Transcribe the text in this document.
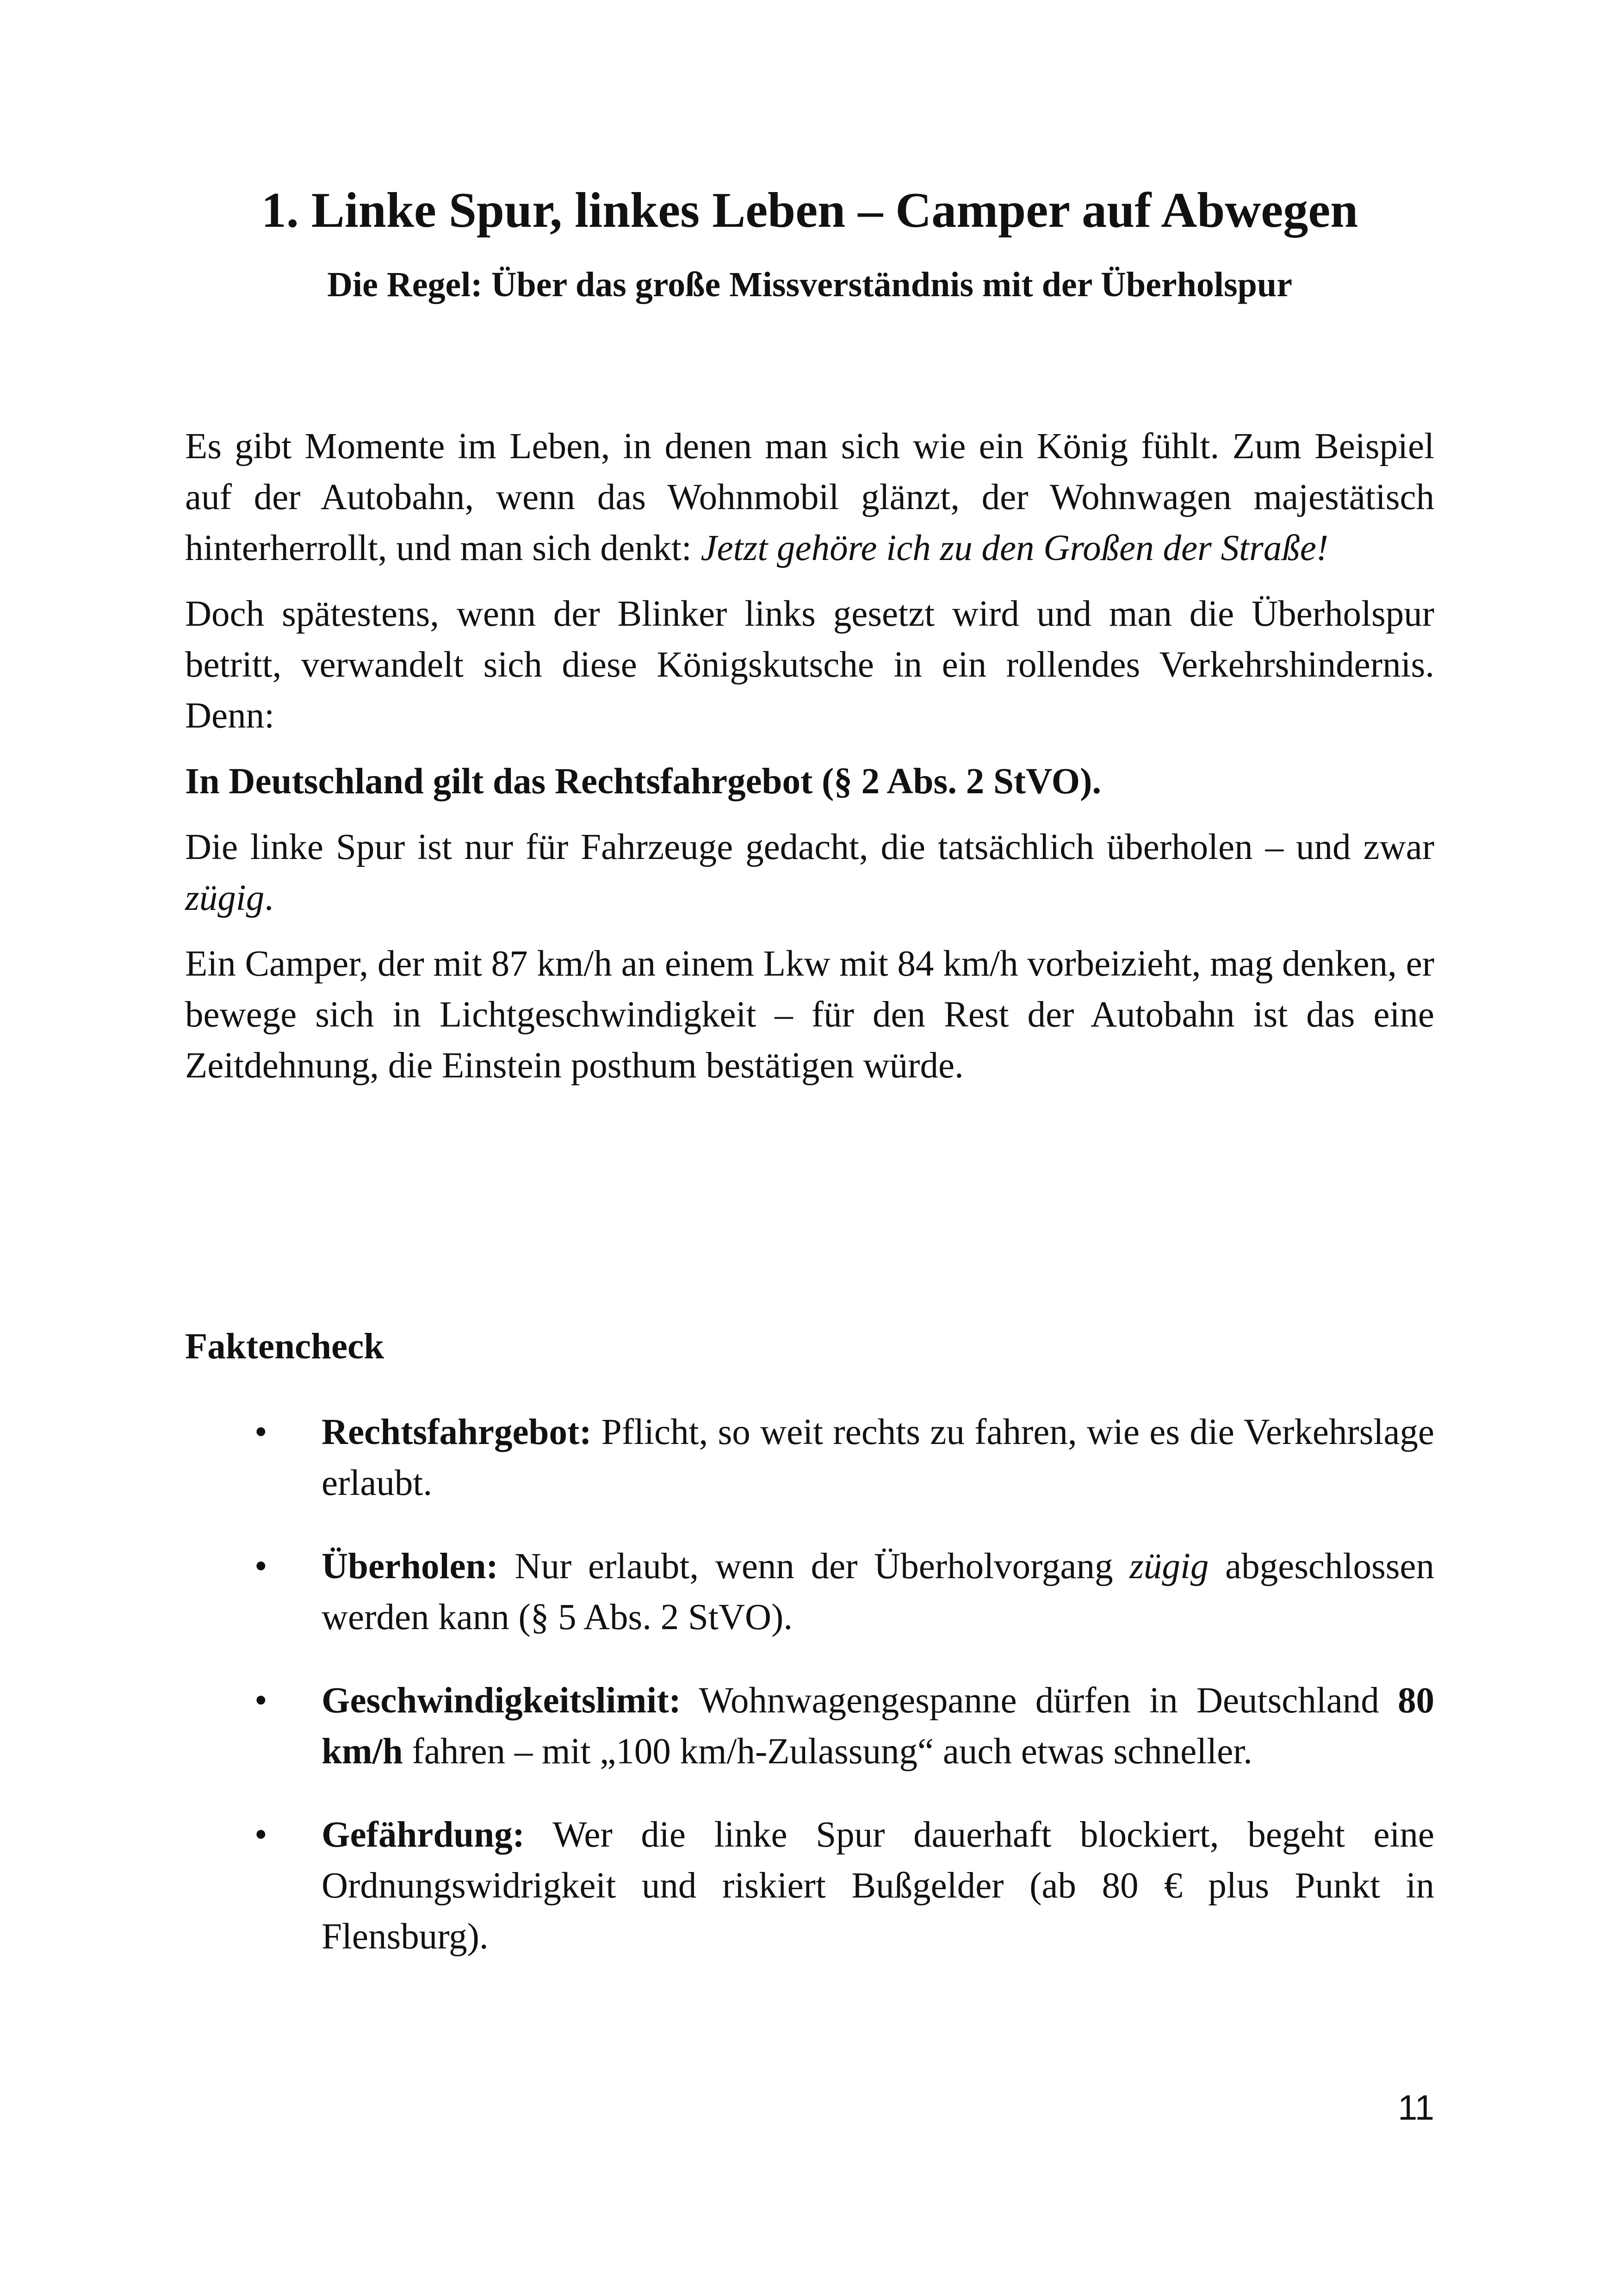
1. Linke Spur, linkes Leben – Camper auf Abwegen
Die Regel: Über das große Missverständnis mit der Überholspur

Es gibt Momente im Leben, in denen man sich wie ein König fühlt. Zum Beispiel auf der Autobahn, wenn das Wohnmobil glänzt, der Wohnwagen majestätisch hinterherrollt, und man sich denkt: Jetzt gehöre ich zu den Großen der Straße!

Doch spätestens, wenn der Blinker links gesetzt wird und man die Überholspur betritt, verwandelt sich diese Königskutsche in ein rollendes Verkehrshindernis. Denn:

In Deutschland gilt das Rechtsfahrgebot (§ 2 Abs. 2 StVO).

Die linke Spur ist nur für Fahrzeuge gedacht, die tatsächlich überholen – und zwar zügig.

Ein Camper, der mit 87 km/h an einem Lkw mit 84 km/h vorbeizieht, mag denken, er bewege sich in Lichtgeschwindigkeit – für den Rest der Autobahn ist das eine Zeitdehnung, die Einstein posthum bestätigen würde.

Faktencheck
• Rechtsfahrgebot: Pflicht, so weit rechts zu fahren, wie es die Verkehrslage erlaubt.
• Überholen: Nur erlaubt, wenn der Überholvorgang zügig abgeschlossen werden kann (§ 5 Abs. 2 StVO).
• Geschwindigkeitslimit: Wohnwagengespanne dürfen in Deutschland 80 km/h fahren – mit „100 km/h-Zulassung“ auch etwas schneller.
• Gefährdung: Wer die linke Spur dauerhaft blockiert, begeht eine Ordnungswidrigkeit und riskiert Bußgelder (ab 80 € plus Punkt in Flensburg).
11
